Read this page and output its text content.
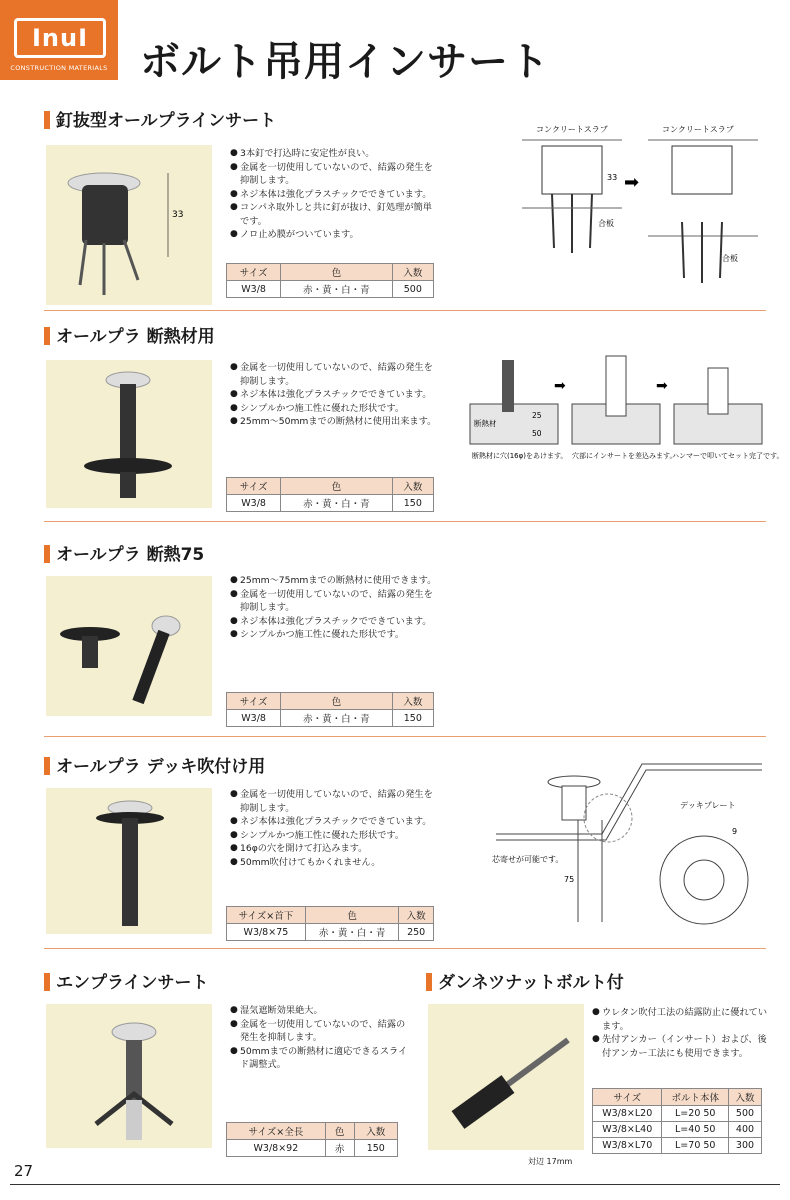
InuI
CONSTRUCTION MATERIALS ボルト吊用インサート
釘抜型オールプラインサート
33
● 3本釘で打込時に安定性が良い。
● 金属を一切使用していないので、結露の発生を抑制します。
● ネジ本体は強化プラスチックでできています。
● コンパネ取外しと共に釘が抜け、釘処理が簡単です。
● ノロ止め膜がついています。
サイズ	色	入数
W3/8	赤・黄・白・青	500
コンクリートスラブ	コンクリートスラブ
33
合板
➡
合板
オールプラ 断熱材用
● 金属を一切使用していないので、結露の発生を抑制します。
● ネジ本体は強化プラスチックでできています。
● シンプルかつ施工性に優れた形状です。
● 25mm〜50mmまでの断熱材に使用出来ます。
サイズ	色	入数
W3/8	赤・黄・白・青	150
断熱材
25
50
➡	➡
断熱材に穴(16φ)をあけます。 穴部にインサートを差込みます。
ハンマーで叩いてセット完了です。
オールプラ 断熱75
● 25mm〜75mmまでの断熱材に使用できます。
● 金属を一切使用していないので、結露の発生を抑制します。
● ネジ本体は強化プラスチックでできています。
● シンプルかつ施工性に優れた形状です。
サイズ	色	入数
W3/8	赤・黄・白・青	150
オールプラ デッキ吹付け用
● 金属を一切使用していないので、結露の発生を抑制します。
● ネジ本体は強化プラスチックでできています。
● シンプルかつ施工性に優れた形状です。
● 16φの穴を開けて打込みます。
● 50mm吹付けてもかくれません。
サイズ×首下	色	入数
W3/8×75	赤・黄・白・青	250
デッキプレート
芯寄せが可能です。
75
9
エンプラインサート
● 湿気遮断効果絶大。
● 金属を一切使用していないので、結露の発生を抑制します。
● 50mmまでの断熱材に適応できるスライド調整式。
サイズ×全長	色	入数
W3/8×92	赤	150
ダンネツナットボルト付
対辺 17mm
● ウレタン吹付工法の結露防止に優れています。
● 先付アンカー（インサート）および、後付アンカー工法にも使用できます。
サイズ	ボルト本体	入数
W3/8×L20	L=20 50	500
W3/8×L40	L=40 50	400
W3/8×L70	L=70 50	300
27
